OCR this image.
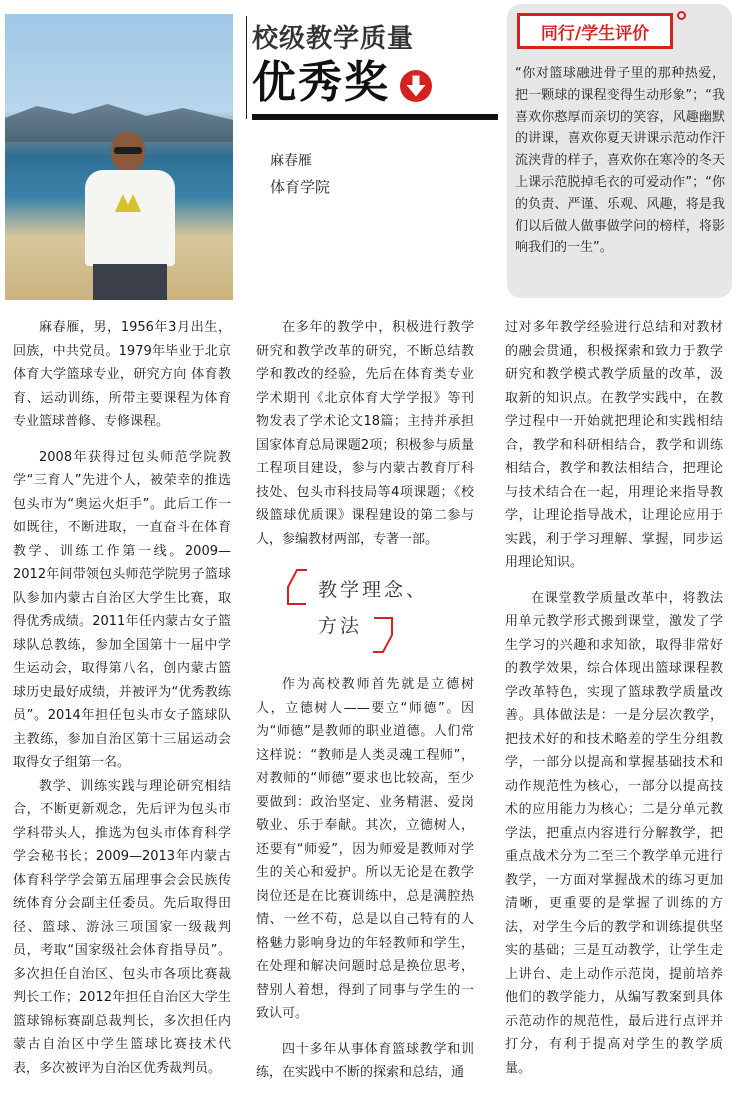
校级教学质量
优秀奖

麻春雁

体育学院

同行/学生评价

“你对篮球融进骨子里的那种热爱，把一颗球的课程变得生动形象”；“我喜欢你憨厚而亲切的笑容，风趣幽默的讲课，喜欢你夏天讲课示范动作汗流浃背的样子，喜欢你在寒冷的冬天上课示范脱掉毛衣的可爱动作”；“你的负责、严谨、乐观、风趣，将是我们以后做人做事做学问的榜样，将影响我们的一生”。

麻春雁，男，1956年3月出生，回族，中共党员。1979年毕业于北京体育大学篮球专业，研究方向 体育教育、运动训练，所带主要课程为体育专业篮球普修、专修课程。

2008年获得过包头师范学院教学“三育人”先进个人，被荣幸的推选包头市为“奥运火炬手”。此后工作一如既往，不断进取，一直奋斗在体育教学、训练工作第一线。2009—2012年间带领包头师范学院男子篮球队参加内蒙古自治区大学生比赛，取得优秀成绩。2011年任内蒙古女子篮球队总教练，参加全国第十一届中学生运动会，取得第八名，创内蒙古篮球历史最好成绩，并被评为“优秀教练员”。2014年担任包头市女子篮球队主教练，参加自治区第十三届运动会取得女子组第一名。

教学、训练实践与理论研究相结合，不断更新观念，先后评为包头市学科带头人，推选为包头市体育科学学会秘书长；2009—2013年内蒙古体育科学学会第五届理事会会民族传统体育分会副主任委员。先后取得田径、篮球、游泳三项国家一级裁判员，考取“国家级社会体育指导员”。多次担任自治区、包头市各项比赛裁判长工作；2012年担任自治区大学生篮球锦标赛副总裁判长，多次担任内蒙古自治区中学生篮球比赛技术代表，多次被评为自治区优秀裁判员。

在多年的教学中，积极进行教学研究和教学改革的研究，不断总结教学和教改的经验，先后在体育类专业学术期刊《北京体育大学学报》等刊物发表了学术论文18篇；主持并承担国家体育总局课题2项；积极参与质量工程项目建设，参与内蒙古教育厅科技处、包头市科技局等4项课题；《校级篮球优质课》课程建设的第二参与人，参编教材两部，专著一部。

教学理念、
方法

作为高校教师首先就是立德树人，立德树人——要立“师德”。因为“师德”是教师的职业道德。人们常这样说：“教师是人类灵魂工程师”，对教师的“师德”要求也比较高，至少要做到：政治坚定、业务精湛、爱岗敬业、乐于奉献。其次，立德树人，还要有“师爱”，因为师爱是教师对学生的关心和爱护。所以无论是在教学岗位还是在比赛训练中，总是满腔热情、一丝不苟，总是以自己特有的人格魅力影响身边的年轻教师和学生，在处理和解决问题时总是换位思考，替别人着想，得到了同事与学生的一致认可。

四十多年从事体育篮球教学和训练，在实践中不断的探索和总结，通

过对多年教学经验进行总结和对教材的融会贯通，积极探索和致力于教学研究和教学模式教学质量的改革，汲取新的知识点。在教学实践中，在教学过程中一开始就把理论和实践相结合，教学和科研相结合，教学和训练相结合，教学和教法相结合，把理论与技术结合在一起，用理论来指导教学，让理论指导战术，让理论应用于实践，利于学习理解、掌握，同步运用理论知识。

在课堂教学质量改革中，将教法用单元教学形式搬到课堂，激发了学生学习的兴趣和求知欲，取得非常好的教学效果，综合体现出篮球课程教学改革特色，实现了篮球教学质量改善。具体做法是：一是分层次教学，把技术好的和技术略差的学生分组教学，一部分以提高和掌握基础技术和动作规范性为核心，一部分以提高技术的应用能力为核心；二是分单元教学法，把重点内容进行分解教学，把重点战术分为二至三个教学单元进行教学，一方面对掌握战术的练习更加清晰，更重要的是掌握了训练的方法，对学生今后的教学和训练提供坚实的基础；三是互动教学，让学生走上讲台、走上动作示范岗，提前培养他们的教学能力，从编写教案到具体示范动作的规范性，最后进行点评并打分，有利于提高对学生的教学质量。
